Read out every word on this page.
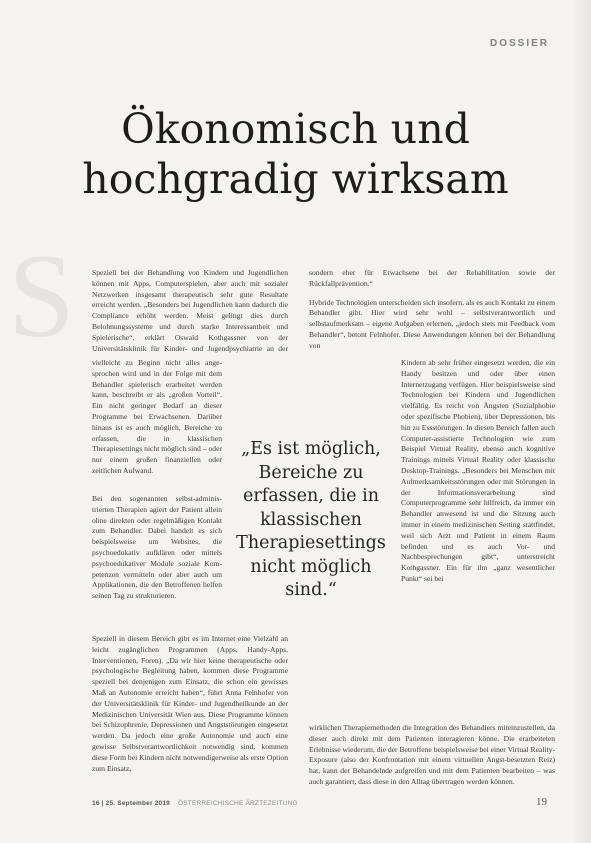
DOSSIER
Ökonomisch und
hochgradig wirksam
S Speziell bei der Behandlung von Kindern und Jugendlichen können mit Apps, Computerspielen, aber auch mit sozialer Netzwerken insgesamt therapeutisch sehr gute Resultate erreicht werden. „Besonders bei Jugendlichen kann dadurch die Compliance erhöht werden. Meist gelingt dies durch Belohnungssysteme und durch starke Interessantheit und Spielerische“, erklärt Oswald Kothgassner von der Universitätsklinik für Kinder- und Jugendpsychiatrie an der

vielleicht zu Beginn nicht alles angesprochen wird und in der Folge mit dem Behandler spielerisch erarbeitet werden kann, beschreibt er als „großen Vorteil“. Ein nicht geringer Bedarf an dieser Programme bei Erwachsenen. Darüber hinaus ist es auch möglich, Bereiche zu erfassen, die in klassischen Therapiesettings nicht möglich sind – oder nur einem großen finanziellen oder zeitlichen Aufwand.

Bei den sogenannten selbst-administrierten Therapien agiert der Patient allein ohne direkten oder regelmäßigen Kontakt zum Behandler. Dabei handelt es sich beispielsweise um Websites, die psychoedukativ aufklären oder mittels psychoedukativer Module soziale Kompetenzen vermitteln oder aber auch um Applikationen, die den Betroffenen helfen seinen Tag zu strukturieren.

Speziell in diesem Bereich gibt es im Internet eine Vielzahl an leicht zugänglichen Programmen (Apps, Handy-Apps, Interventionen, Foren). „Da wir hier keine therapeutische oder psychologische Begleitung haben, kommen diese Programme speziell bei denjenigen zum Einsatz, die schon ein gewisses Maß an Autonomie erreicht haben“, führt Anna Felnhofer von der Universitätsklinik für Kinder- und Jugendheilkunde an der Medizinischen Universität Wien aus. Diese Programme können bei Schizophrenie, Depressionen und Angststörungen eingesetzt werden. Da jedoch eine große Autonomie und auch eine gewisse Selbstverantwortlichkeit notwendig sind, kommen diese Form bei Kindern nicht notwendigerweise als erste Option zum Einsatz,

sondern eher für Erwachsene bei der Rehabilitation sowie der Rückfallprävention.“

Hybride Technologien unterscheiden sich insofern, als es auch Kontakt zu einem Behandler gibt. Hier wird sehr wohl – selbstverantwortlich und selbstaufmerksam – eigene Aufgaben erlernen, „jedoch stets mit Feedback vom Behandler“, betont Felnhofer. Diese Anwendungen können bei der Behandlung von

Kindern ab sehr früher eingesetzt werden, die ein Handy besitzen und oder über einen Internetzugang verfügen. Hier beispielsweise sind Technologien bei Kindern und Jugendlichen vielfältig. Es reicht von Ängsten (Sozialphobie oder spezifische Phobien), über Depressionen, bis hin zu Essstörungen. In diesen Bereich fallen auch Computer-assistierte Technologien wie zum Beispiel Virtual Reality, ebenso auch kognitive Trainings mittels Virtual Reality oder klassische Desktop-Trainings. „Besonders bei Menschen mit Aufmerksamkeitsstörungen oder mit Störungen in der Informationsverarbeitung sind Computerprogramme sehr hilfreich, da immer ein Behandler anwesend ist und die Sitzung auch immer in einem medizinischen Setting stattfindet, weil sich Arzt und Patient in einem Raum befinden und es auch Vor- und Nachbesprechungen gibt“, unterstreicht Kothgassner. Ein für ihn „ganz wesentlicher Punkt“ sei bei

wirklichen Therapiemethoden die Integration des Behandlers miteinzustellen, da dieser auch direkt mit dem Patienten interagieren könne. Die erarbeiteten Erlebnisse wiederum, die der Betroffene beispielsweise bei einer Virtual Reality-Exposure (also der Konfrontation mit einem virtuellen Angst-besetzten Reiz) hat, kann der Behandelnde aufgreifen und mit dem Patienten bearbeiten – was auch garantiert, dass diese in den Alltag übertragen werden können.

„Es ist möglich, Bereiche zu erfassen, die in klassischen Therapiesettings nicht möglich sind.“

16 | 25. September 2019 ÖSTERREICHISCHE ÄRZTEZEITUNG	19
